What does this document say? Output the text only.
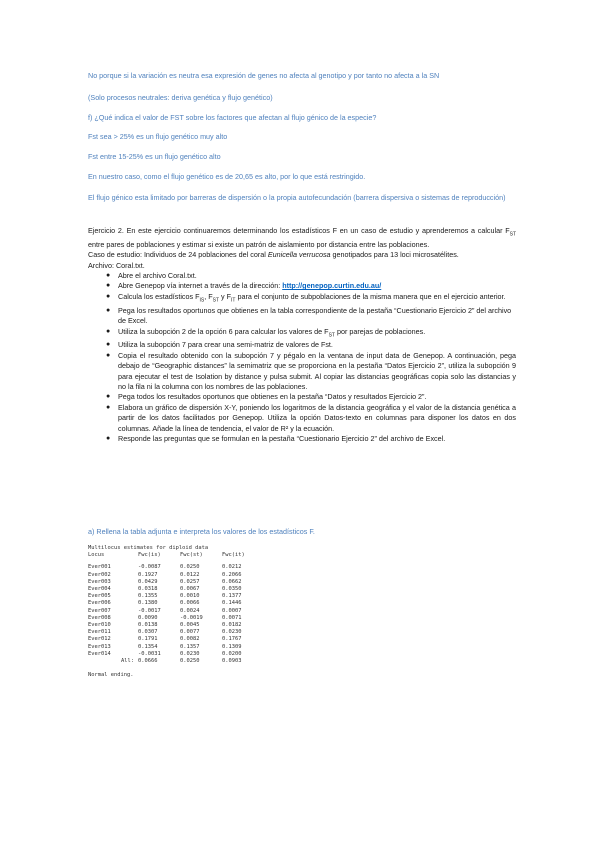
No porque si la variación es neutra esa expresión de genes no afecta al genotipo y por tanto no afecta a la SN
(Solo procesos neutrales: deriva genética y flujo genético)
f) ¿Qué indica el valor de FST sobre los factores que afectan al flujo génico de la especie?
Fst sea > 25% es un flujo genético muy alto
Fst entre 15-25% es un flujo genético alto
En nuestro caso, como el flujo genético es de 20,65 es alto, por lo que está restringido.
El flujo génico esta limitado por barreras de dispersión o la propia autofecundación (barrera dispersiva o sistemas de reproducción)
Ejercicio 2. En este ejercicio continuaremos determinando los estadísticos F en un caso de estudio y aprenderemos a calcular $F_{ST}$ entre pares de poblaciones y estimar si existe un patrón de aislamiento por distancia entre las poblaciones.
Caso de estudio: Individuos de 24 poblaciones del coral Eunicella verrucosa genotipados para 13 loci microsatélites.
Archivo: Coral.txt.
● Abre el archivo Coral.txt.
● Abre Genepop vía internet a través de la dirección: http://genepop.curtin.edu.au/
● Calcula los estadísticos $F_{IS}$, $F_{ST}$ y $F_{IT}$ para el conjunto de subpoblaciones de la misma manera que en el ejercicio anterior.
● Pega los resultados oportunos que obtienes en la tabla correspondiente de la pestaña “Cuestionario Ejercicio 2” del archivo de Excel.
● Utiliza la subopción 2 de la opción 6 para calcular los valores de $F_{ST}$ por parejas de poblaciones.
● Utiliza la subopción 7 para crear una semi-matriz de valores de Fst.
● Copia el resultado obtenido con la subopción 7 y pégalo en la ventana de input data de Genepop. A continuación, pega debajo de “Geographic distances” la semimatriz que se proporciona en la pestaña “Datos Ejercicio 2”, utiliza la subopción 9 para ejecutar el test de Isolation by distance y pulsa submit. Al copiar las distancias geográficas copia solo las distancias y no la fila ni la columna con los nombres de las poblaciones.
● Pega todos los resultados oportunos que obtienes en la pestaña “Datos y resultados Ejercicio 2”.
● Elabora un gráfico de dispersión X-Y, poniendo los logaritmos de la distancia geográfica y el valor de la distancia genética a partir de los datos facilitados por Genepop. Utiliza la opción Datos-texto en columnas para disponer los datos en dos columnas. Añade la línea de tendencia, el valor de R² y la ecuación.
● Responde las preguntas que se formulan en la pestaña “Cuestionario Ejercicio 2” del archivo de Excel.
a) Rellena la tabla adjunta e interpreta los valores de los estadísticos F.
Multilocus estimates for diploid data
Locus	Fwc(is)	Fwc(st)	Fwc(it)

Ever001	-0.0087	0.0250	0.0212
Ever002	0.1927	0.0122	0.2066
Ever003	0.0429	0.0257	0.0662
Ever004	0.0318	0.0067	0.0350
Ever005	0.1355	0.0010	0.1377
Ever006	0.1380	0.0066	0.1446
Ever007	-0.0017	0.0024	0.0007
Ever008	0.0090	-0.0019	0.0071
Ever010	0.0138	0.0045	0.0182
Ever011	0.0307	0.0077	0.0230
Ever012	0.1791	0.0082	0.1767
Ever013	0.1354	0.1357	0.1309
Ever014	-0.0031	0.0230	0.0200
All:	0.0666	0.0250	0.0903
Normal ending.
